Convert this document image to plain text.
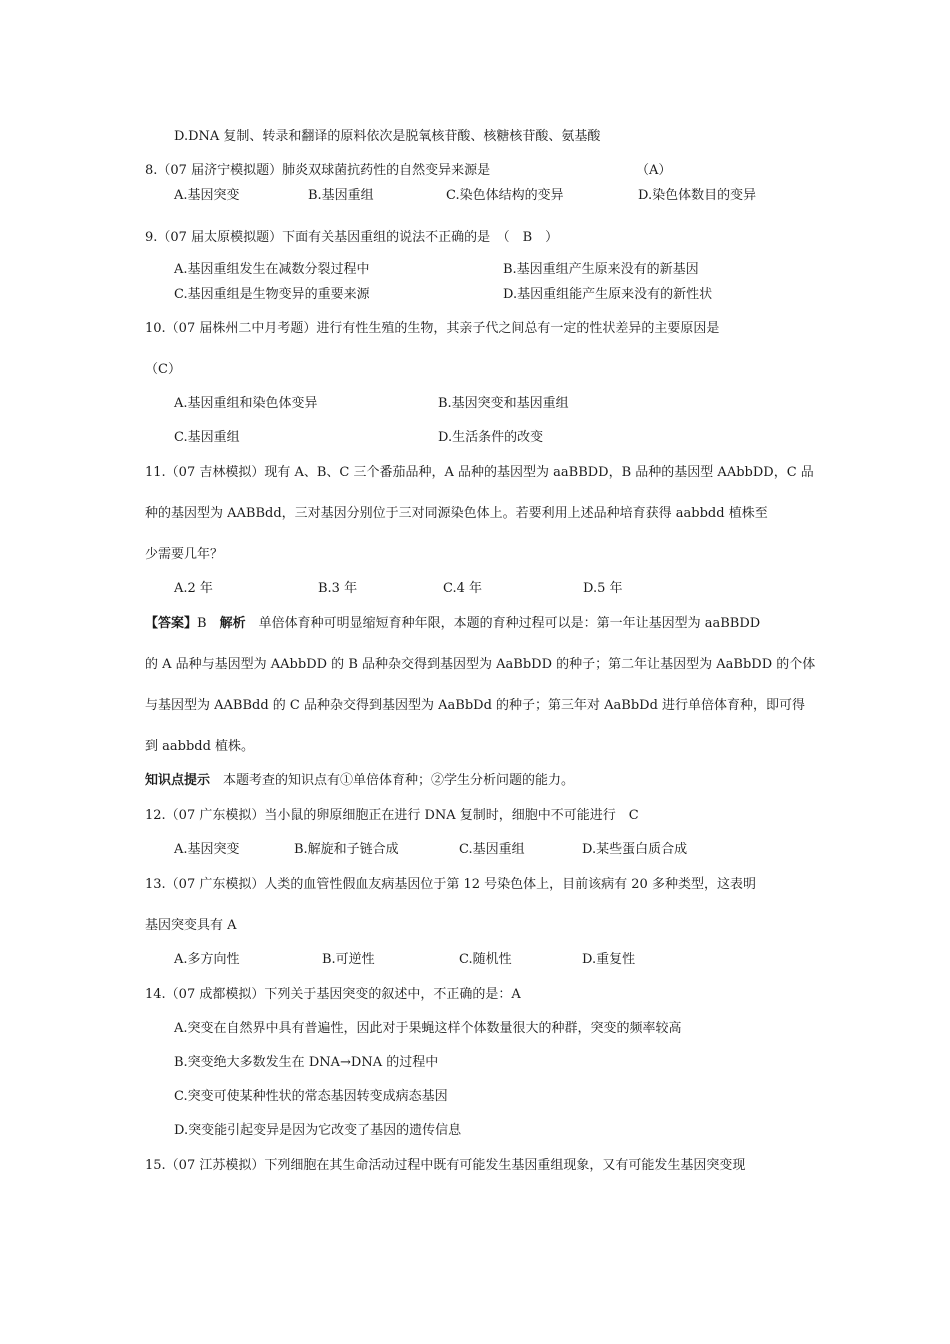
D.DNA 复制、转录和翻译的原料依次是脱氧核苷酸、核糖核苷酸、氨基酸
8.（07 届济宁模拟题）肺炎双球菌抗药性的自然变异来源是	（A）
A.基因突变	B.基因重组	C.染色体结构的变异	D.染色体数目的变异
9.（07 届太原模拟题）下面有关基因重组的说法不正确的是　（　B　）
A.基因重组发生在减数分裂过程中	B.基因重组产生原来没有的新基因
C.基因重组是生物变异的重要来源	D.基因重组能产生原来没有的新性状
10.（07 届株州二中月考题）进行有性生殖的生物，其亲子代之间总有一定的性状差异的主要原因是
（C）
A.基因重组和染色体变异	B.基因突变和基因重组
C.基因重组	D.生活条件的改变
11.（07 吉林模拟）现有 A、B、C 三个番茄品种，A 品种的基因型为 aaBBDD，B 品种的基因型 AAbbDD，C 品
种的基因型为 AABBdd，三对基因分别位于三对同源染色体上。若要利用上述品种培育获得 aabbdd 植株至
少需要几年？
A.2 年	B.3 年	C.4 年	D.5 年
【答案】B　解析　单倍体育种可明显缩短育种年限，本题的育种过程可以是：第一年让基因型为 aaBBDD
的 A 品种与基因型为 AAbbDD 的 B 品种杂交得到基因型为 AaBbDD 的种子；第二年让基因型为 AaBbDD 的个体
与基因型为 AABBdd 的 C 品种杂交得到基因型为 AaBbDd 的种子；第三年对 AaBbDd 进行单倍体育种，即可得
到 aabbdd 植株。
知识点提示　本题考查的知识点有①单倍体育种；②学生分析问题的能力。
12.（07 广东模拟）当小鼠的卵原细胞正在进行 DNA 复制时，细胞中不可能进行　C
A.基因突变	B.解旋和子链合成	C.基因重组	D.某些蛋白质合成
13.（07 广东模拟）人类的血管性假血友病基因位于第 12 号染色体上，目前该病有 20 多种类型，这表明
基因突变具有 A
A.多方向性	B.可逆性	C.随机性	D.重复性
14.（07 成都模拟）下列关于基因突变的叙述中，不正确的是：A
A.突变在自然界中具有普遍性，因此对于果蝇这样个体数量很大的种群，突变的频率较高
B.突变绝大多数发生在 DNA→DNA 的过程中
C.突变可使某种性状的常态基因转变成病态基因
D.突变能引起变异是因为它改变了基因的遗传信息
15.（07 江苏模拟）下列细胞在其生命活动过程中既有可能发生基因重组现象，又有可能发生基因突变现
